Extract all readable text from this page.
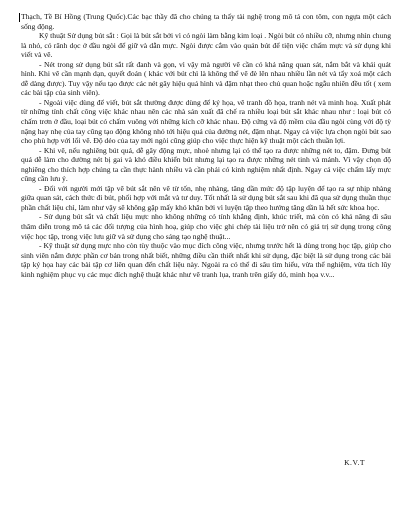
Thạch, Tề Bí Hồng (Trung Quốc).Các bạc thầy đã cho chúng ta thấy tài nghệ trong mô tả con tôm, con ngựa một cách sống động.

Kỹ thuật Sử dụng bút sắt : Gọi là bút sắt bởi vì có ngòi làm bằng kim loại . Ngòi bút có nhiều cỡ, nhưng nhìn chung là nhỏ, có rãnh dọc ở đầu ngòi để giữ và dẫn mực. Ngòi được cắm vào quản bút để tiện việc chấm mực và sử dụng khi viết và vẽ.

- Nét trong sử dụng bút sắt rất đanh và gọn, vì vậy mà người vẽ cần có khả năng quan sát, nắm bắt và khái quát hình. Khi vẽ cần mạnh dạn, quyết đoán ( khác với bút chì là không thể vẽ đè lên nhau nhiều lần nét và tẩy xoá một cách dễ dàng được). Tuy vậy nếu tạo được các nét gây hiệu quả hình và đậm nhạt theo chủ quan hoặc ngẫu nhiên đều tốt ( xem các bài tập của sinh viên).

- Ngoài việc dùng để viết, bút sắt thường được dùng để ký họa, vẽ tranh đồ họa, tranh nét và minh hoạ. Xuất phát từ những tính chất công việc khác nhau nên các nhà sản xuất đã chế ra nhiều loại bút sắt khác nhau như : loại bút có chấm trơn ở đầu, loại bút có chấm vuông với những kích cỡ khác nhau. Độ cứng và độ mềm của đầu ngòi cùng với độ tỳ nặng hay nhẹ của tay cũng tạo động không nhỏ tới hiệu quả của đường nét, đậm nhạt. Ngay cả việc lựa chọn ngòi bút sao cho phù hợp với lối vẽ. Độ dẻo của tay mới ngòi cũng giúp cho việc thực hiện kỹ thuật một cách thuần lợi.

- Khi vẽ, nếu nghiêng bút quá, dễ gây động mực, nhoè nhưng lại có thể tạo ra được những nét to, đậm. Đưng bút quá dễ làm cho đường nét bị gai và khó điều khiển bút nhưng lại tạo ra được những nét tinh và mảnh. Vì vậy chọn độ nghiêng cho thích hợp chúng ta cần thực hành nhiều và cần phải có kinh nghiệm nhất định. Ngay cả việc chấm lấy mực cũng cần lưu ý.

- Đối với người mới tập vẽ bút sắt nên vẽ từ tốn, nhẹ nhàng, tăng dần mức độ tập luyện để tạo ra sự nhịp nhàng giữa quan sát, cách thức đi bút, phối hợp với mắt và tư duy. Tốt nhất là sử dụng bút sắt sau khi đã qua sử dụng thuần thục phần chất liệu chì, làm như vậy sẽ không gặp mấy khó khăn bởi vì luyện tập theo hướng tăng dần là hết sức khoa học.

- Sử dụng bút sắt và chất liệu mực nho không những có tính khẳng định, khúc triết, mà còn có khả năng đi sâu thâm diễn trong mô tả các đối tượng của hình hoạ, giúp cho việc ghi chép tài liệu trở nên có giá trị sử dụng trong công việc học tập, trong việc lưu giữ và sử dụng cho sáng tạo nghệ thuật...

- Kỹ thuật sử dụng mực nho còn tùy thuộc vào mục đích công việc, nhưng trước hết là dùng trong học tập, giúp cho sinh viên nắm được phần cơ bản trong nhất biết, những điều cần thiết nhất khi sử dụng, đặc biệt là sử dụng trong các bài tập ký họa hay các bài tập cơ liên quan đến chất liệu này. Ngoài ra có thể đi sâu tìm hiểu, vừa thể nghiệm, vừa tích lũy kinh nghiệm phục vụ các mục đích nghệ thuật khác như vẽ tranh lụa, tranh trên giấy dó, minh họa v.v...

K.V.T
